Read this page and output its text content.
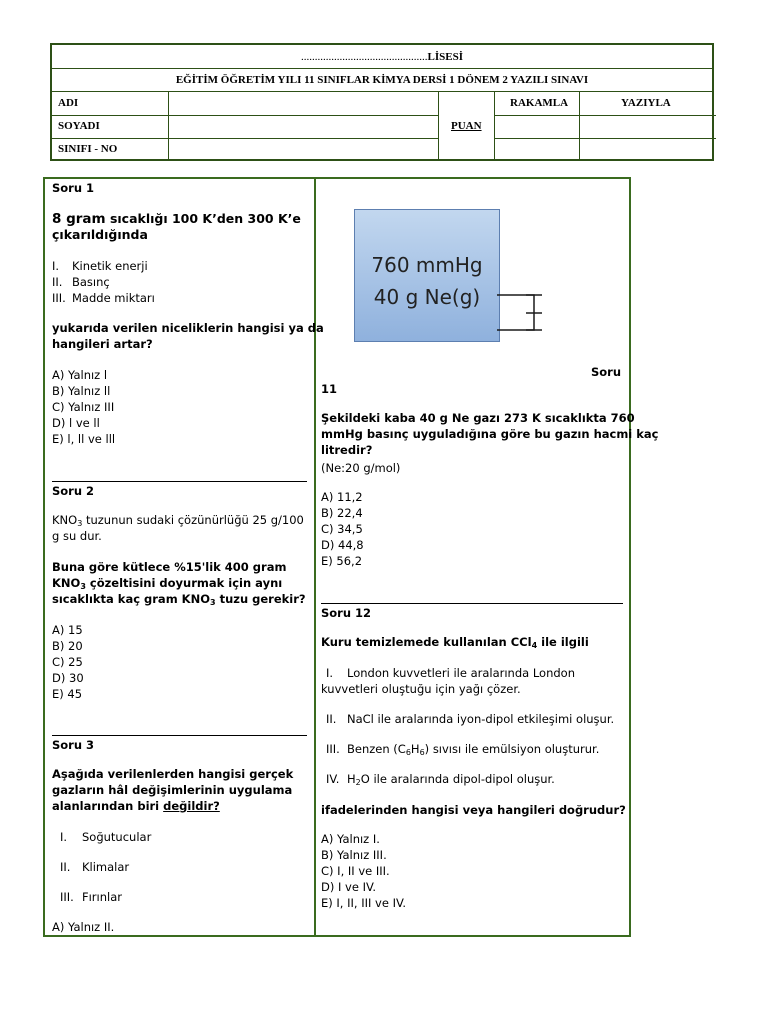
.............................................. LİSESİ
EĞİTİM ÖĞRETİM YILI 11 SINIFLAR KİMYA DERSİ 1 DÖNEM 2 YAZILI SINAVI
ADI
SOYADI
SINIFI - NO
PUAN
RAKAMLA	YAZIYLA
Soru 1
8 gram sıcaklığı 100 K’den 300 K’e
çıkarıldığında
I. Kinetik enerji
II. Basınç
III. Madde miktarı
yukarıda verilen niceliklerin hangisi ya da
hangileri artar?
A) Yalnız l
B) Yalnız ll
C) Yalnız III
D) l ve ll
E) l, ll ve lll
Soru 2
$KNO_3$ tuzunun sudaki çözünürlüğü 25 g/100
g su dur.
Buna göre kütlece %15'lik 400 gram
$KNO_3$ çözeltisini doyurmak için aynı
sıcaklıkta kaç gram $KNO_3$ tuzu gerekir?
A) 15
B) 20
C) 25
D) 30
E) 45
Soru 3
Aşağıda verilenlerden hangisi gerçek
gazların hâl değişimlerinin uygulama
alanlarından biri değildir?
I. Soğutucular
II. Klimalar
III. Fırınlar
A) Yalnız II.
760 mmHg
40 g Ne(g)
Soru
11
Şekildeki kaba 40 g Ne gazı 273 K sıcaklıkta 760
mmHg basınç uyguladığına göre bu gazın hacmi kaç
litredir?
(Ne:20 g/mol)
A) 11,2
B) 22,4
C) 34,5
D) 44,8
E) 56,2
Soru 12
Kuru temizlemede kullanılan CCl$_4$ ile ilgili
I. London kuvvetleri ile aralarında London
kuvvetleri oluştuğu için yağı çözer.
II. NaCl ile aralarında iyon-dipol etkileşimi oluşur.
III. Benzen $(C_6H_6)$ sıvısı ile emülsiyon oluşturur.
IV. $H_2O$ ile aralarında dipol-dipol oluşur.
ifadelerinden hangisi veya hangileri doğrudur?
A) Yalnız I.
B) Yalnız III.
C) I, II ve III.
D) I ve IV.
E) I, II, III ve IV.
